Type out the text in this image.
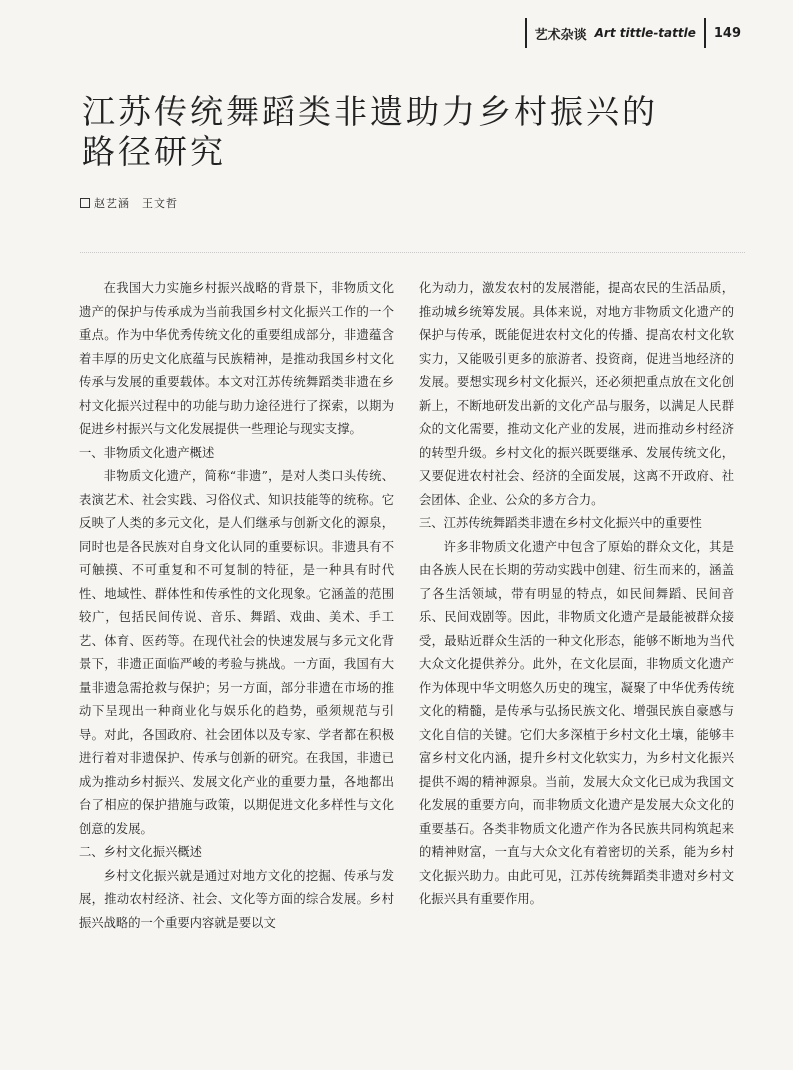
艺术杂谈 Art tittle-tattle 149
江苏传统舞蹈类非遗助力乡村振兴的
路径研究
赵艺涵　王文哲

在我国大力实施乡村振兴战略的背景下，非物质文化遗产的保护与传承成为当前我国乡村文化振兴工作的一个重点。作为中华优秀传统文化的重要组成部分，非遗蕴含着丰厚的历史文化底蕴与民族精神，是推动我国乡村文化传承与发展的重要载体。本文对江苏传统舞蹈类非遗在乡村文化振兴过程中的功能与助力途径进行了探索，以期为促进乡村振兴与文化发展提供一些理论与现实支撑。

一、非物质文化遗产概述

非物质文化遗产，简称“非遗”，是对人类口头传统、表演艺术、社会实践、习俗仪式、知识技能等的统称。它反映了人类的多元文化，是人们继承与创新文化的源泉，同时也是各民族对自身文化认同的重要标识。非遗具有不可触摸、不可重复和不可复制的特征，是一种具有时代性、地域性、群体性和传承性的文化现象。它涵盖的范围较广，包括民间传说、音乐、舞蹈、戏曲、美术、手工艺、体育、医药等。在现代社会的快速发展与多元文化背景下，非遗正面临严峻的考验与挑战。一方面，我国有大量非遗急需抢救与保护；另一方面，部分非遗在市场的推动下呈现出一种商业化与娱乐化的趋势，亟须规范与引导。对此，各国政府、社会团体以及专家、学者都在积极进行着对非遗保护、传承与创新的研究。在我国，非遗已成为推动乡村振兴、发展文化产业的重要力量，各地都出台了相应的保护措施与政策，以期促进文化多样性与文化创意的发展。

二、乡村文化振兴概述

乡村文化振兴就是通过对地方文化的挖掘、传承与发展，推动农村经济、社会、文化等方面的综合发展。乡村振兴战略的一个重要内容就是要以文

化为动力，激发农村的发展潜能，提高农民的生活品质，推动城乡统筹发展。具体来说，对地方非物质文化遗产的保护与传承，既能促进农村文化的传播、提高农村文化软实力，又能吸引更多的旅游者、投资商，促进当地经济的发展。要想实现乡村文化振兴，还必须把重点放在文化创新上，不断地研发出新的文化产品与服务，以满足人民群众的文化需要，推动文化产业的发展，进而推动乡村经济的转型升级。乡村文化的振兴既要继承、发展传统文化，又要促进农村社会、经济的全面发展，这离不开政府、社会团体、企业、公众的多方合力。

三、江苏传统舞蹈类非遗在乡村文化振兴中的重要性

许多非物质文化遗产中包含了原始的群众文化，其是由各族人民在长期的劳动实践中创建、衍生而来的，涵盖了各生活领域，带有明显的特点，如民间舞蹈、民间音乐、民间戏剧等。因此，非物质文化遗产是最能被群众接受，最贴近群众生活的一种文化形态，能够不断地为当代大众文化提供养分。此外，在文化层面，非物质文化遗产作为体现中华文明悠久历史的瑰宝，凝聚了中华优秀传统文化的精髓，是传承与弘扬民族文化、增强民族自豪感与文化自信的关键。它们大多深植于乡村文化土壤，能够丰富乡村文化内涵，提升乡村文化软实力，为乡村文化振兴提供不竭的精神源泉。当前，发展大众文化已成为我国文化发展的重要方向，而非物质文化遗产是发展大众文化的重要基石。各类非物质文化遗产作为各民族共同构筑起来的精神财富，一直与大众文化有着密切的关系，能为乡村文化振兴助力。由此可见，江苏传统舞蹈类非遗对乡村文化振兴具有重要作用。
